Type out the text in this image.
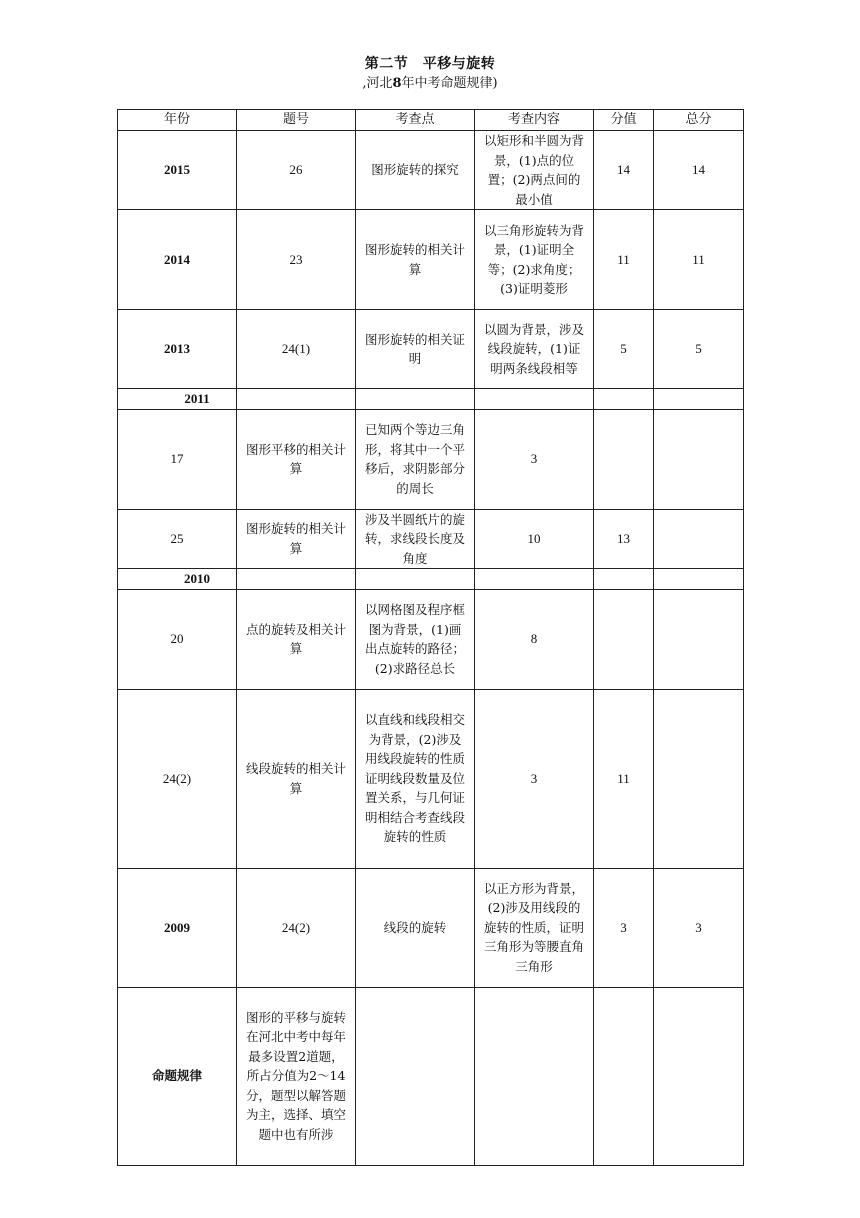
第二节　平移与旋转
,河北8年中考命题规律)
年份	题号	考查点	考查内容	分值	总分
2015	26	图形旋转的探究	以矩形和半圆为背景，(1)点的位置；(2)两点间的最小值	14	14
2014	23	图形旋转的相关计算	以三角形旋转为背景，(1)证明全等；(2)求角度；(3)证明菱形	11	11
2013	24(1)	图形旋转的相关证明	以圆为背景，涉及线段旋转，(1)证明两条线段相等	5	5
2011					
17	图形平移的相关计算	已知两个等边三角形，将其中一个平移后，求阴影部分的周长	3		
25	图形旋转的相关计算	涉及半圆纸片的旋转，求线段长度及角度	10	13	
2010					
20	点的旋转及相关计算	以网格图及程序框图为背景，(1)画出点旋转的路径；(2)求路径总长	8		
24(2)	线段旋转的相关计算	以直线和线段相交为背景，(2)涉及用线段旋转的性质证明线段数量及位置关系，与几何证明相结合考查线段旋转的性质	3	11	
2009	24(2)	线段的旋转	以正方形为背景，(2)涉及用线段的旋转的性质，证明三角形为等腰直角三角形	3	3
命题规律	图形的平移与旋转在河北中考中每年最多设置2道题，所占分值为2～14分，题型以解答题为主，选择、填空题中也有所涉				
